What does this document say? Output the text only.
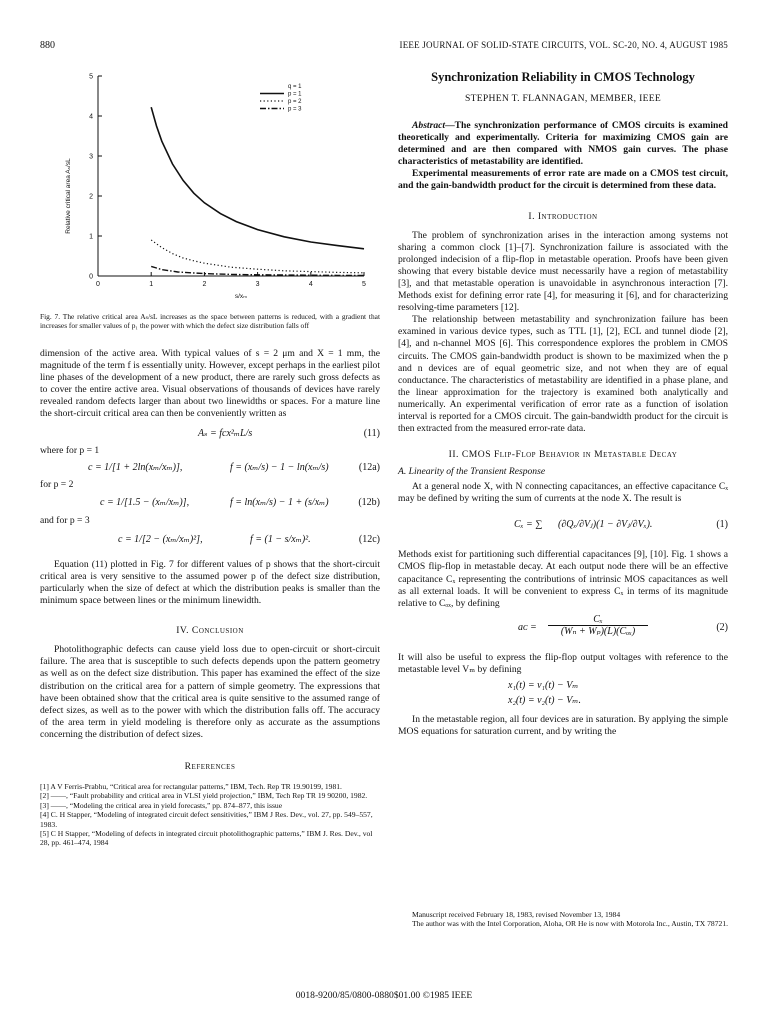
880	IEEE JOURNAL OF SOLID-STATE CIRCUITS, VOL. SC-20, NO. 4, AUGUST 1985
0	1	2	3	4	5
0
1
2
3
4
5
s/xₘ
Relative critical area Aₛ/sL
q = 1
p = 1
p = 2
p = 3
Fig. 7. The relative critical area Aₛ/sL increases as the space between patterns is reduced, with a gradient that increases for smaller values of p₁ the power with which the defect size distribution falls off

dimension of the active area. With typical values of s = 2 μm and X = 1 mm, the magnitude of the term f is essentially unity. However, except perhaps in the earliest pilot line phases of the development of a new product, there are rarely such gross defects as to cover the entire active area. Visual observations of thousands of devices have rarely revealed random defects larger than about two linewidths or spaces. For a mature line the short-circuit critical area can then be conveniently written as

Aₛ = fcx²ₘL/s	(11)

where for p = 1

c = 1/[1 + 2ln(xₘ/xₘ)],	f = (xₘ/s) − 1 − ln(xₘ/s)	(12a)

for p = 2

c = 1/[1.5 − (xₘ/xₘ)],	f = ln(xₘ/s) − 1 + (s/xₘ)	(12b)

and for p = 3

c = 1/[2 − (xₘ/xₘ)²],	f = (1 − s/xₘ)².	(12c)

Equation (11) plotted in Fig. 7 for different values of p shows that the short-circuit critical area is very sensitive to the assumed power p of the defect size distribution, particularly when the size of defect at which the distribution peaks is smaller than the minimum space between lines or the minimum linewidth.

IV. Conclusion

Photolithographic defects can cause yield loss due to open-circuit or short-circuit failure. The area that is susceptible to such defects depends upon the pattern geometry as well as on the defect size distribution. This paper has examined the effect of the size distribution on the critical area for a pattern of simple geometry. The expressions that have been obtained show that the critical area is quite sensitive to the assumed range of defect sizes, as well as to the power with which the distribution falls off. The accuracy of the area term in yield modeling is therefore only as accurate as the assumptions concerning the distribution of defect sizes.

References

[1] A V Ferris-Prabhu, “Critical area for rectangular patterns,” IBM, Tech. Rep TR 19.90199, 1981.

[2] ——, “Fault probability and critical area in VLSI yield projection,” IBM, Tech Rep TR 19 90200, 1982.

[3] ——, “Modeling the critical area in yield forecasts,” pp. 874–877, this issue

[4] C. H Stapper, “Modeling of integrated circuit defect sensitivities,” IBM J Res. Dev., vol. 27, pp. 549–557, 1983.

[5] C H Stapper, “Modeling of defects in integrated circuit photolithographic patterns,” IBM J. Res. Dev., vol 28, pp. 461–474, 1984

Synchronization Reliability in CMOS Technology
STEPHEN T. FLANNAGAN, MEMBER, IEEE

Abstract—The synchronization performance of CMOS circuits is examined theoretically and experimentally. Criteria for maximizing CMOS gain are determined and are then compared with NMOS gain curves. The phase characteristics of metastability are identified.

Experimental measurements of error rate are made on a CMOS test circuit, and the gain-bandwidth product for the circuit is determined from these data.

I. Introduction

The problem of synchronization arises in the interaction among systems not sharing a common clock [1]–[7]. Synchronization failure is associated with the prolonged indecision of a flip-flop in metastable operation. Proofs have been given showing that every bistable device must necessarily have a region of metastability [3], and that metastable operation is unavoidable in asynchronous interaction [7]. Methods exist for defining error rate [4], for measuring it [6], and for characterizing resolving-time parameters [12].

The relationship between metastability and synchronization failure has been examined in various device types, such as TTL [1], [2], ECL and tunnel diode [2], [4], and n-channel MOS [6]. This correspondence explores the problem in CMOS circuits. The CMOS gain-bandwidth product is shown to be maximized when the p and n devices are of equal geometric size, and not when they are of equal conductance. The characteristics of metastability are identified in a phase plane, and the linear approximation for the trajectory is examined both analytically and numerically. An experimental verification of error rate as a function of isolation interval is reported for a CMOS circuit. The gain-bandwidth product for the circuit is then extracted from the measured error-rate data.

II. CMOS Flip-Flop Behavior in Metastable Decay
A. Linearity of the Transient Response

At a general node X, with N connecting capacitances, an effective capacitance Cₓ may be defined by writing the sum of currents at the node X. The result is

Cₓ = ∑ (∂Qₓ/∂Vⱼ)(1 − ∂Vⱼ/∂Vₓ).	(1)

Methods exist for partitioning such differential capacitances [9], [10]. Fig. 1 shows a CMOS flip-flop in metastable decay. At each output node there will be an effective capacitance Cₓ representing the contributions of intrinsic MOS capacitances as well as all external loads. It will be convenient to express Cₓ in terms of its magnitude relative to Cₒₓ, by defining

aᴄ =
Cₓ
(Wₙ + Wₚ)(L)(Cₒₓ)	(2)

It will also be useful to express the flip-flop output voltages with reference to the metastable level Vₘ by defining

x₁(t) = v₁(t) − Vₘ
x₂(t) = v₂(t) − Vₘ.

In the metastable region, all four devices are in saturation. By applying the simple MOS equations for saturation current, and by writing the

Manuscript received February 18, 1983, revised November 13, 1984

The author was with the Intel Corporation, Aloha, OR He is now with Motorola Inc., Austin, TX 78721.

0018-9200/85/0800-0880$01.00 ©1985 IEEE
